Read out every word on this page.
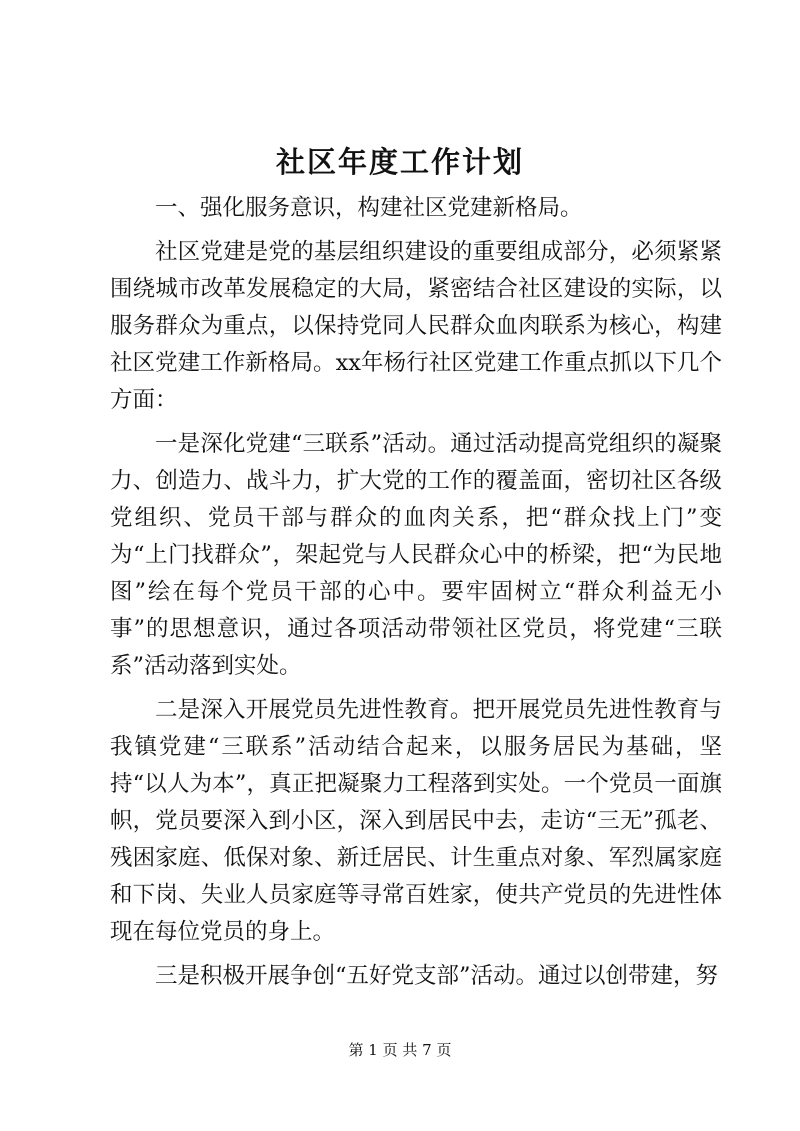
社区年度工作计划

一、强化服务意识，构建社区党建新格局。

社区党建是党的基层组织建设的重要组成部分，必须紧紧围绕城市改革发展稳定的大局，紧密结合社区建设的实际，以服务群众为重点，以保持党同人民群众血肉联系为核心，构建社区党建工作新格局。xx年杨行社区党建工作重点抓以下几个方面：

一是深化党建“三联系”活动。通过活动提高党组织的凝聚力、创造力、战斗力，扩大党的工作的覆盖面，密切社区各级党组织、党员干部与群众的血肉关系，把“群众找上门”变为“上门找群众”，架起党与人民群众心中的桥梁，把“为民地图”绘在每个党员干部的心中。要牢固树立“群众利益无小事”的思想意识，通过各项活动带领社区党员，将党建“三联系”活动落到实处。

二是深入开展党员先进性教育。把开展党员先进性教育与我镇党建“三联系”活动结合起来，以服务居民为基础，坚持“以人为本”，真正把凝聚力工程落到实处。一个党员一面旗帜，党员要深入到小区，深入到居民中去，走访“三无”孤老、残困家庭、低保对象、新迁居民、计生重点对象、军烈属家庭和下岗、失业人员家庭等寻常百姓家，使共产党员的先进性体现在每位党员的身上。

三是积极开展争创“五好党支部”活动。通过以创带建，努

第 1 页 共 7 页
